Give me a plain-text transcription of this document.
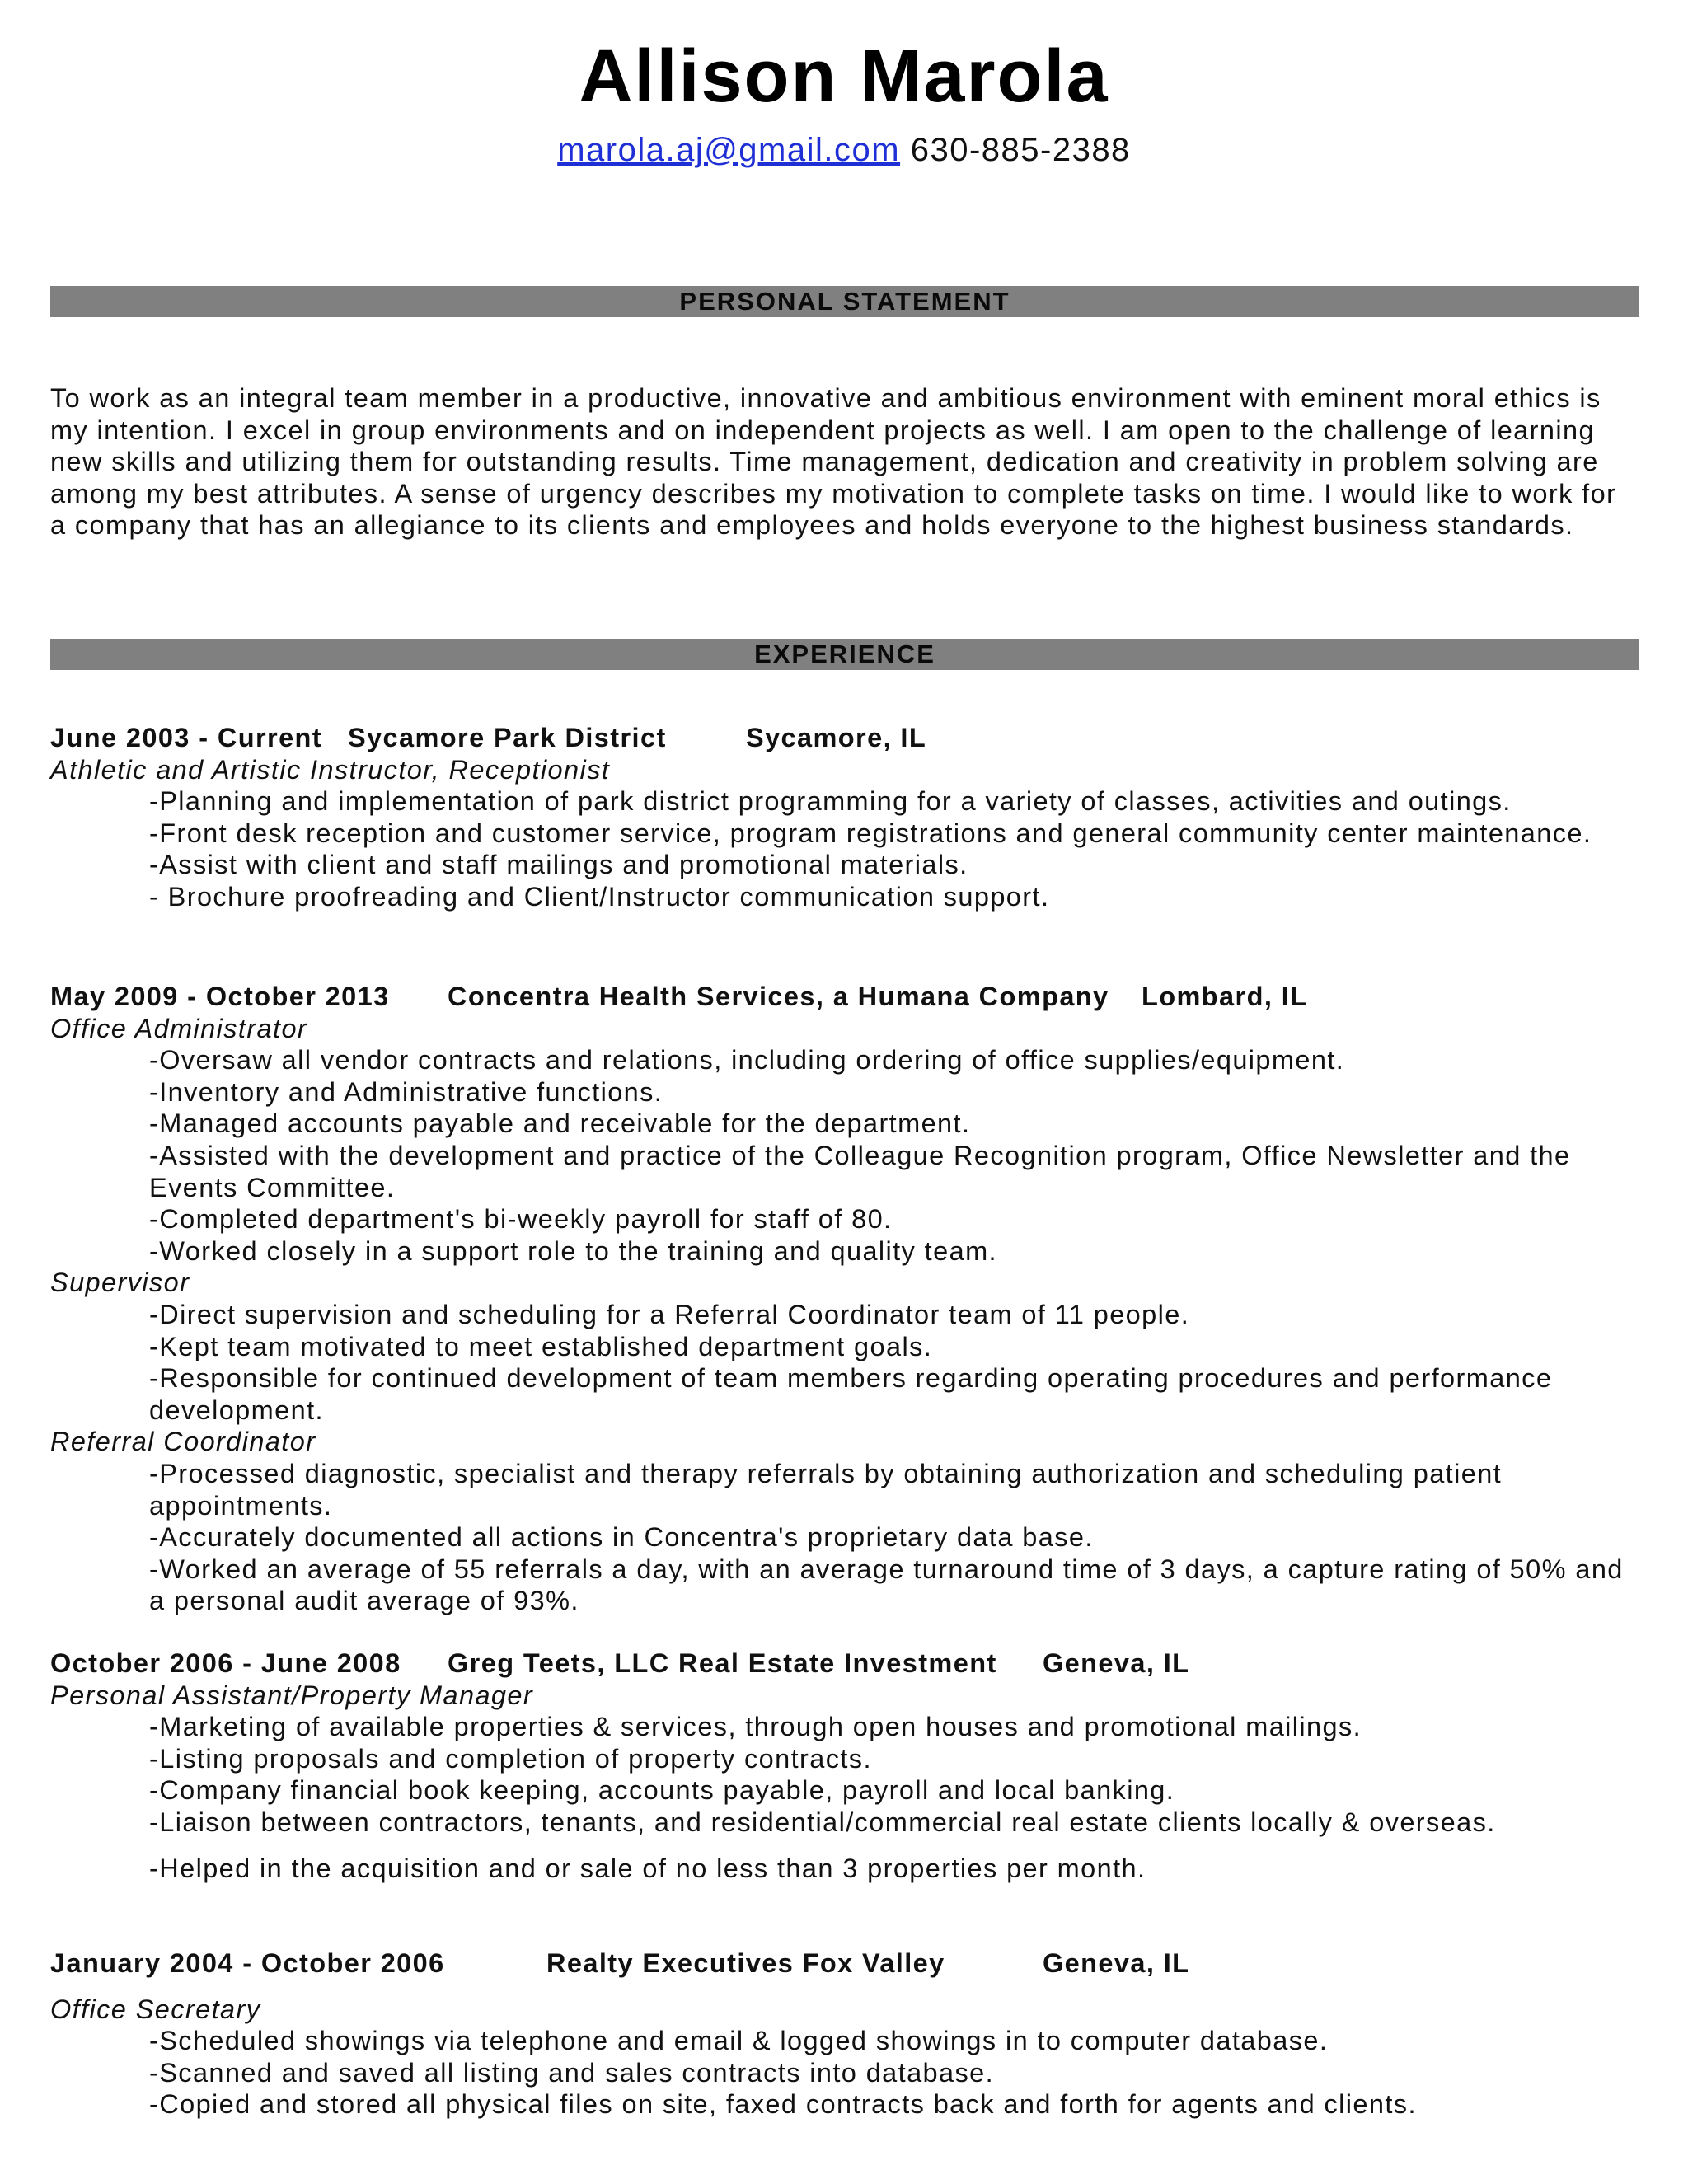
Allison Marola
marola.aj@gmail.com 630-885-2388
PERSONAL STATEMENT
To work as an integral team member in a productive, innovative and ambitious environment with eminent moral ethics is my intention. I excel in group environments and on independent projects as well. I am open to the challenge of learning new skills and utilizing them for outstanding results. Time management, dedication and creativity in problem solving are among my best attributes. A sense of urgency describes my motivation to complete tasks on time. I would like to work for a company that has an allegiance to its clients and employees and holds everyone to the highest business standards.
EXPERIENCE

June 2003 - Current

Sycamore Park District

	Sycamore, IL

Athletic and Artistic Instructor, Receptionist
-Planning and implementation of park district programming for a variety of classes, activities and outings.
-Front desk reception and customer service, program registrations and general community center maintenance.
-Assist with client and staff mailings and promotional materials.
- Brochure proofreading and Client/Instructor communication support.

May 2009 - October 2013

Concentra Health Services, a Humana Company

Lombard, IL

Office Administrator
-Oversaw all vendor contracts and relations, including ordering of office supplies/equipment.
-Inventory and Administrative functions.
-Managed accounts payable and receivable for the department.
-Assisted with the development and practice of the Colleague Recognition program, Office Newsletter and the Events Committee.
-Completed department's bi-weekly payroll for staff of 80.
-Worked closely in a support role to the training and quality team.
Supervisor
-Direct supervision and scheduling for a Referral Coordinator team of 11 people.
-Kept team motivated to meet established department goals.
-Responsible for continued development of team members regarding operating procedures and performance development.
Referral Coordinator
-Processed diagnostic, specialist and therapy referrals by obtaining authorization and scheduling patient appointments.
-Accurately documented all actions in Concentra's proprietary data base.
-Worked an average of 55 referrals a day, with an average turnaround time of 3 days, a capture rating of 50% and a personal audit average of 93%.

October 2006 - June 2008

Greg Teets, LLC Real Estate Investment

Geneva, IL

Personal Assistant/Property Manager
-Marketing of available properties & services, through open houses and promotional mailings.
-Listing proposals and completion of property contracts.
-Company financial book keeping, accounts payable, payroll and local banking.
-Liaison between contractors, tenants, and residential/commercial real estate clients locally & overseas.
-Helped in the acquisition and or sale of no less than 3 properties per month.

January 2004 - October 2006

	Realty Executives Fox Valley

	Geneva, IL

Office Secretary
-Scheduled showings via telephone and email & logged showings in to computer database.
-Scanned and saved all listing and sales contracts into database.
-Copied and stored all physical files on site, faxed contracts back and forth for agents and clients.
